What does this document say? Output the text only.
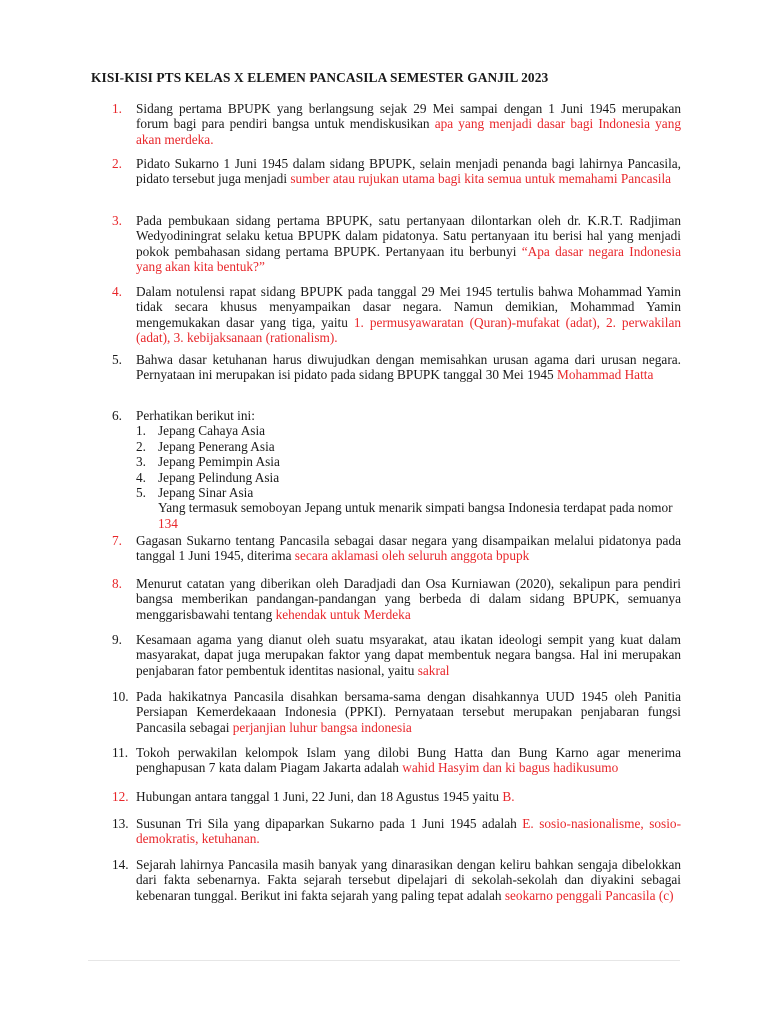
KISI-KISI PTS KELAS X ELEMEN PANCASILA SEMESTER GANJIL 2023
1. Sidang pertama BPUPK yang berlangsung sejak 29 Mei sampai dengan 1 Juni 1945 merupakan forum bagi para pendiri bangsa untuk mendiskusikan apa yang menjadi dasar bagi Indonesia yang akan merdeka.
2. Pidato Sukarno 1 Juni 1945 dalam sidang BPUPK, selain menjadi penanda bagi lahirnya Pancasila, pidato tersebut juga menjadi sumber atau rujukan utama bagi kita semua untuk memahami Pancasila
3. Pada pembukaan sidang pertama BPUPK, satu pertanyaan dilontarkan oleh dr. K.R.T. Radjiman Wedyodiningrat selaku ketua BPUPK dalam pidatonya. Satu pertanyaan itu berisi hal yang menjadi pokok pembahasan sidang pertama BPUPK. Pertanyaan itu berbunyi “Apa dasar negara Indonesia yang akan kita bentuk?”
4. Dalam notulensi rapat sidang BPUPK pada tanggal 29 Mei 1945 tertulis bahwa Mohammad Yamin tidak secara khusus menyampaikan dasar negara. Namun demikian, Mohammad Yamin mengemukakan dasar yang tiga, yaitu 1. permusyawaratan (Quran)-mufakat (adat), 2. perwakilan (adat), 3. kebijaksanaan (rationalism).
5. Bahwa dasar ketuhanan harus diwujudkan dengan memisahkan urusan agama dari urusan negara. Pernyataan ini merupakan isi pidato pada sidang BPUPK tanggal 30 Mei 1945 Mohammad Hatta
6. Perhatikan berikut ini:
1. Jepang Cahaya Asia
2. Jepang Penerang Asia
3. Jepang Pemimpin Asia
4. Jepang Pelindung Asia
5. Jepang Sinar Asia
Yang termasuk semoboyan Jepang untuk menarik simpati bangsa Indonesia terdapat pada nomor 134
7. Gagasan Sukarno tentang Pancasila sebagai dasar negara yang disampaikan melalui pidatonya pada tanggal 1 Juni 1945, diterima secara aklamasi oleh seluruh anggota bpupk
8. Menurut catatan yang diberikan oleh Daradjadi dan Osa Kurniawan (2020), sekalipun para pendiri bangsa memberikan pandangan-pandangan yang berbeda di dalam sidang BPUPK, semuanya menggarisbawahi tentang kehendak untuk Merdeka
9. Kesamaan agama yang dianut oleh suatu msyarakat, atau ikatan ideologi sempit yang kuat dalam masyarakat, dapat juga merupakan faktor yang dapat membentuk negara bangsa. Hal ini merupakan penjabaran fator pembentuk identitas nasional, yaitu sakral
10. Pada hakikatnya Pancasila disahkan bersama-sama dengan disahkannya UUD 1945 oleh Panitia Persiapan Kemerdekaaan Indonesia (PPKI). Pernyataan tersebut merupakan penjabaran fungsi Pancasila sebagai perjanjian luhur bangsa indonesia
11. Tokoh perwakilan kelompok Islam yang dilobi Bung Hatta dan Bung Karno agar menerima penghapusan 7 kata dalam Piagam Jakarta adalah wahid Hasyim dan ki bagus hadikusumo
12. Hubungan antara tanggal 1 Juni, 22 Juni, dan 18 Agustus 1945 yaitu B.
13. Susunan Tri Sila yang dipaparkan Sukarno pada 1 Juni 1945 adalah E. sosio-nasionalisme, sosio-demokratis, ketuhanan.
14. Sejarah lahirnya Pancasila masih banyak yang dinarasikan dengan keliru bahkan sengaja dibelokkan dari fakta sebenarnya. Fakta sejarah tersebut dipelajari di sekolah-sekolah dan diyakini sebagai kebenaran tunggal. Berikut ini fakta sejarah yang paling tepat adalah seokarno penggali Pancasila (c)
